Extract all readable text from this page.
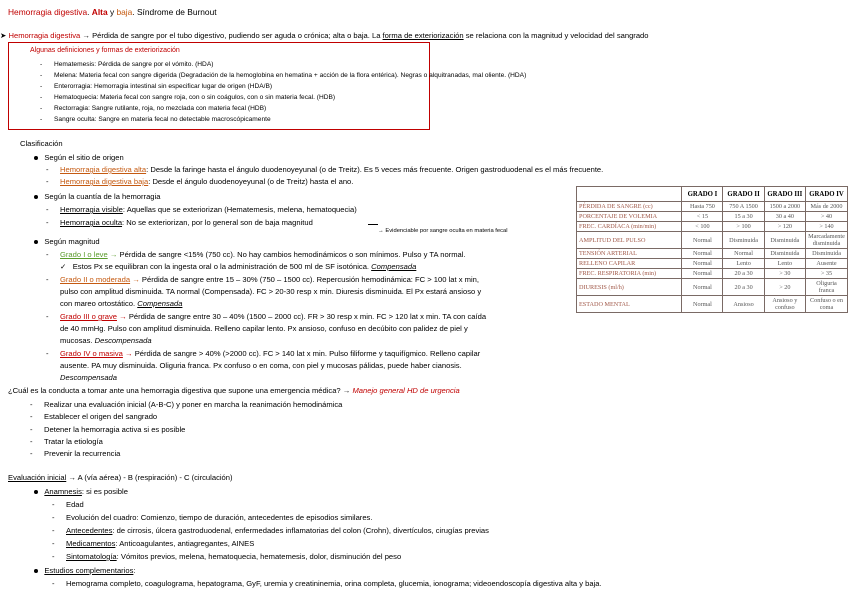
Hemorragia digestiva. Alta y baja. Síndrome de Burnout
➤ Hemorragia digestiva → Pérdida de sangre por el tubo digestivo, pudiendo ser aguda o crónica; alta o baja. La forma de exteriorización se relaciona con la magnitud y velocidad del sangrado
Algunas definiciones y formas de exteriorización
- Hematemesis: Pérdida de sangre por el vómito. (HDA)
- Melena: Materia fecal con sangre digerida (Degradación de la hemoglobina en hematina + acción de la flora entérica). Negras o alquitranadas, mal oliente. (HDA)
- Enterorragia: Hemorragia intestinal sin especificar lugar de origen (HDA/B)
- Hematoquecia: Materia fecal con sangre roja, con o sin coágulos, con o sin materia fecal. (HDB)
- Rectorragia: Sangre rutilante, roja, no mezclada con materia fecal (HDB)
- Sangre oculta: Sangre en materia fecal no detectable macroscópicamente
Clasificación
Según el sitio de origen
- Hemorragia digestiva alta: Desde la faringe hasta el ángulo duodenoyeyunal (o de Treitz). Es 5 veces más frecuente. Origen gastroduodenal es el más frecuente.
- Hemorragia digestiva baja: Desde el ángulo duodenoyeyunal (o de Treitz) hasta el ano.
Según la cuantía de la hemorragia
- Hemorragia visible: Aquellas que se exteriorizan (Hematemesis, melena, hematoquecia)
- Hemorragia oculta: No se exteriorizan, por lo general son de baja magnitud
→ Evidenciable por sangre oculta en materia fecal
Según magnitud
- Grado I o leve → Pérdida de sangre <15% (750 cc). No hay cambios hemodinámicos o son mínimos. Pulso y TA normal.
✓ Estos Px se equilibran con la ingesta oral o la administración de 500 ml de SF isotónica. Compensada
- Grado II o moderada → Pérdida de sangre entre 15 – 30% (750 – 1500 cc). Repercusión hemodinámica: FC > 100 lat x min,
pulso con amplitud disminuida. TA normal (Compensada). FC > 20-30 resp x min. Diuresis disminuida. El Px estará ansioso y
con mareo ortostático. Compensada
- Grado III o grave → Pérdida de sangre entre 30 – 40% (1500 – 2000 cc). FR > 30 resp x min. FC > 120 lat x min. TA con caída
de 40 mmHg. Pulso con amplitud disminuida. Relleno capilar lento. Px ansioso, confuso en decúbito con palidez de piel y
mucosas. Descompensada
- Grado IV o masiva → Pérdida de sangre > 40% (>2000 cc). FC > 140 lat x min. Pulso filiforme y taquifígmico. Relleno capilar
ausente. PA muy disminuida. Oliguria franca. Px confuso o en coma, con piel y mucosas pálidas, puede haber cianosis.
Descompensada
¿Cuál es la conducta a tomar ante una hemorragia digestiva que supone una emergencia médica? → Manejo general HD de urgencia
- Realizar una evaluación inicial (A-B-C) y poner en marcha la reanimación hemodinámica
- Establecer el origen del sangrado
- Detener la hemorragia activa si es posible
- Tratar la etiología
- Prevenir la recurrencia
Evaluación inicial → A (vía aérea) - B (respiración) - C (circulación)
Anamnesis: si es posible
- Edad
- Evolución del cuadro: Comienzo, tiempo de duración, antecedentes de episodios similares.
- Antecedentes: de cirrosis, úlcera gastroduodenal, enfermedades inflamatorias del colon (Crohn), divertículos, cirugías previas
- Medicamentos: Anticoagulantes, antiagregantes, AINES
- Sintomatología: Vómitos previos, melena, hematoquecia, hematemesis, dolor, disminución del peso
Estudios complementarios:
- Hemograma completo, coagulograma, hepatograma, GyF, uremia y creatininemia, orina completa, glucemia, ionograma; videoendoscopía digestiva alta y baja.
	GRADO I	GRADO II	GRADO III	GRADO IV
PÉRDIDA DE SANGRE (cc)	Hasta 750	750 A 1500	1500 a 2000	Más de 2000
PORCENTAJE DE VOLEMIA	< 15	15 a 30	30 a 40	> 40
FREC. CARDÍACA (min/min)	< 100	> 100	> 120	> 140
AMPLITUD DEL PULSO	Normal	Disminuida	Disminuida	Marcadamente disminuida
TENSIÓN ARTERIAL	Normal	Normal	Disminuida	Disminuida
RELLENO CAPILAR	Normal	Lento	Lento	Ausente
FREC. RESPIRATORIA (min)	Normal	20 a 30	> 30	> 35
DIURESIS (ml/h)	Normal	20 a 30	> 20	Oliguria franca
ESTADO MENTAL	Normal	Ansioso	Ansioso y confuso	Confuso o en coma
